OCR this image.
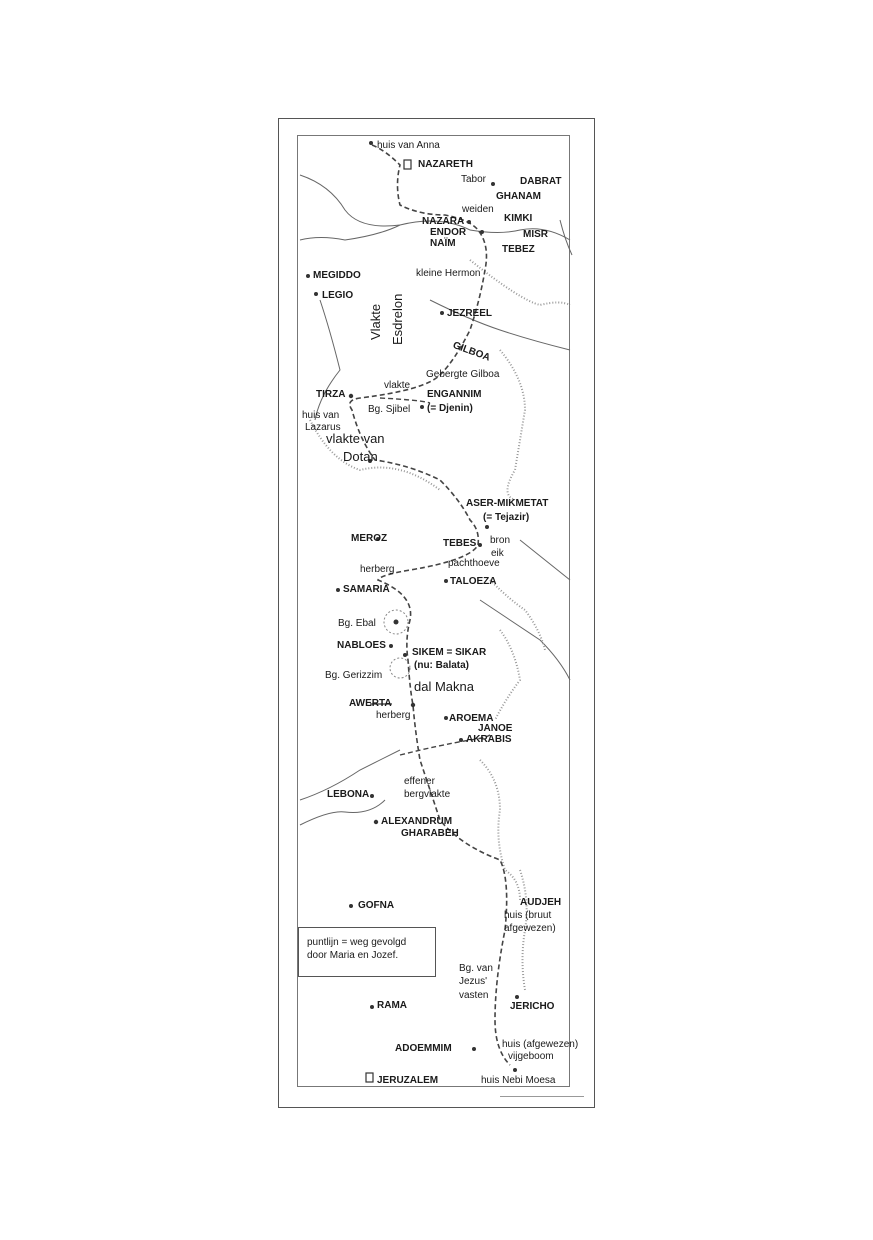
huis van Anna
NAZARETH
Tabor	DABRAT
GHANAM
weiden
KIMKI
NAZARA
ENDOR	MISR
NAÏM
TEBEZ
MEGIDDO	kleine Hermon
LEGIO
JEZREEL
GILBOA
Gebergte Gilboa
vlakte
TIRZA	ENGANNIM
(= Djenin)
Bg. Sjibel
huis van
Lazarus
ASER-MIKMETAT
(= Tejazir)
MEROZ	TEBES bron
eik
pachthoeve
herberg
TALOEZA
SAMARIA
Bg. Ebal
NABLOES
SIKEM = SIKAR
(nu: Balata)
Bg. Gerizzim
AWERTA
herberg	AROEMA
JANOE
AKRABIS
effener
bergvlakte
LEBONA
ALEXANDRUM
GHARABEH
GOFNA	AUDJEH
huis (bruut
afgewezen)
Bg. van
Jezus'
vasten
JERICHO
RAMA
ADOEMMIM	huis (afgewezen)
vijgeboom
JERUZALEM	huis Nebi Moesa
Vlakte Esdrelon
vlakte van
Dotan
dal Makna
puntlijn = weg gevolgd
door Maria en Jozef.
